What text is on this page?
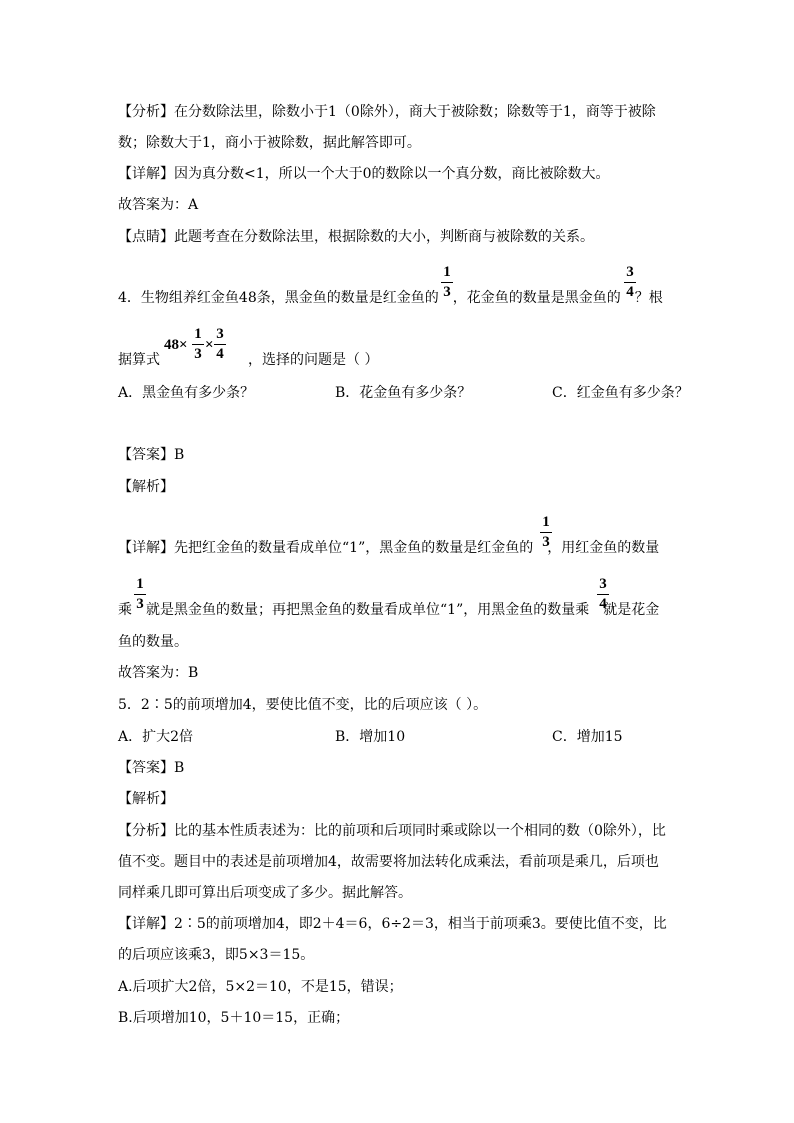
【分析】在分数除法里，除数小于1（0除外），商大于被除数；除数等于1，商等于被除
数；除数大于1，商小于被除数，据此解答即可。
【详解】因为真分数<1，所以一个大于0的数除以一个真分数，商比被除数大。
故答案为：A
【点睛】此题考查在分数除法里，根据除数的大小，判断商与被除数的关系。
4．生物组养红金鱼48条，黑金鱼的数量是红金鱼的 ，花金鱼的数量是黑金鱼的 ？根
1
3
3
4
据算式	，选择的问题是（ ）
48×
1
3
×
3
4
A．黑金鱼有多少条？	B．花金鱼有多少条？	C．红金鱼有多少条？
【答案】B
【解析】
【详解】先把红金鱼的数量看成单位“1”，黑金鱼的数量是红金鱼的 ，用红金鱼的数量
1
3
乘 就是黑金鱼的数量；再把黑金鱼的数量看成单位“1”，用黑金鱼的数量乘 就是花金
1
3
3
4
鱼的数量。
故答案为：B
5．2∶5的前项增加4，要使比值不变，比的后项应该（ ）。
A．扩大2倍	B．增加10	C．增加15
【答案】B
【解析】
【分析】比的基本性质表述为：比的前项和后项同时乘或除以一个相同的数（0除外），比
值不变。题目中的表述是前项增加4，故需要将加法转化成乘法，看前项是乘几，后项也
同样乘几即可算出后项变成了多少。据此解答。
【详解】2∶5的前项增加4，即2＋4＝6，6÷2＝3，相当于前项乘3。要使比值不变，比
的后项应该乘3，即5×3＝15。
A.后项扩大2倍，5×2＝10，不是15，错误；
B.后项增加10，5＋10＝15，正确；
